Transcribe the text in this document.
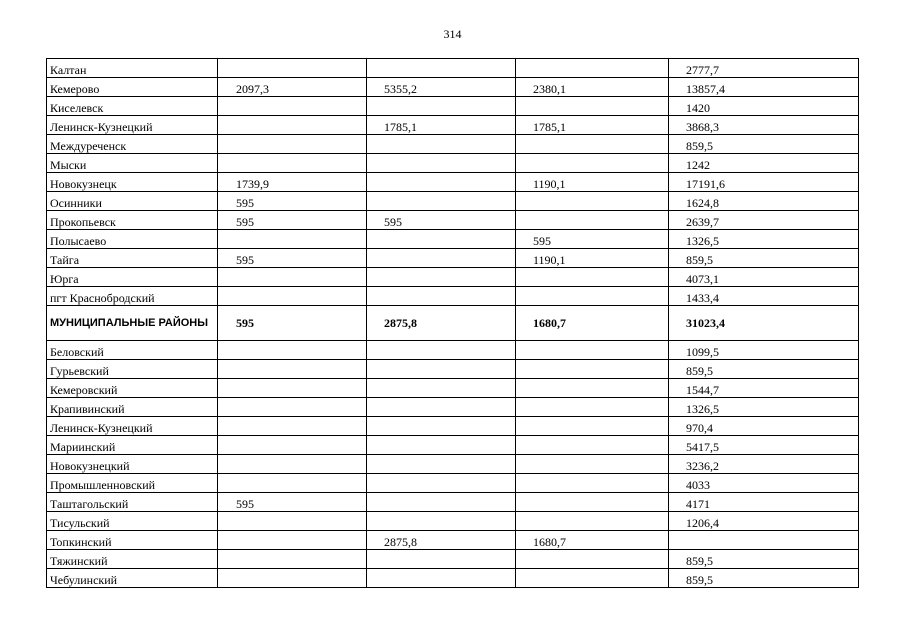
314
Калтан				2777,7
Кемерово	2097,3	5355,2	2380,1	13857,4
Киселевск				1420
Ленинск-Кузнецкий		1785,1	1785,1	3868,3
Междуреченск				859,5
Мыски				1242
Новокузнецк	1739,9		1190,1	17191,6
Осинники	595			1624,8
Прокопьевск	595	595		2639,7
Полысаево			595	1326,5
Тайга	595		1190,1	859,5
Юрга				4073,1
пгт Краснобродский				1433,4
МУНИЦИПАЛЬНЫЕ РАЙОНЫ	595	2875,8	1680,7	31023,4
Беловский				1099,5
Гурьевский				859,5
Кемеровский				1544,7
Крапивинский				1326,5
Ленинск-Кузнецкий				970,4
Мариинский				5417,5
Новокузнецкий				3236,2
Промышленновский				4033
Таштагольский	595			4171
Тисульский				1206,4
Топкинский		2875,8	1680,7	
Тяжинский				859,5
Чебулинский				859,5
